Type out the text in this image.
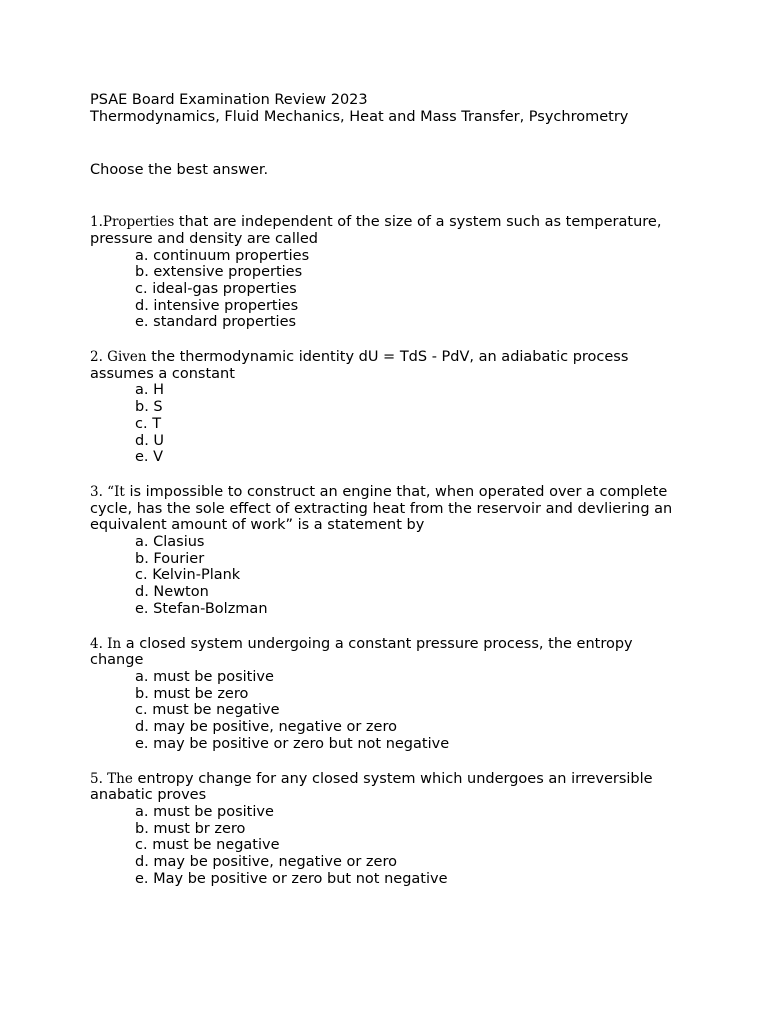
PSAE Board Examination Review 2023
Thermodynamics, Fluid Mechanics, Heat and Mass Transfer, Psychrometry
Choose the best answer.
1.Properties that are independent of the size of a system such as temperature, pressure and density are called
a. continuum properties
b. extensive properties
c. ideal-gas properties
d. intensive properties
e. standard properties
2. Given the thermodynamic identity dU = TdS - PdV, an adiabatic process assumes a constant
a. H
b. S
c. T
d. U
e. V
3. “It is impossible to construct an engine that, when operated over a complete cycle, has the sole effect of extracting heat from the reservoir and devliering an equivalent amount of work” is a statement by
a. Clasius
b. Fourier
c. Kelvin-Plank
d. Newton
e. Stefan-Bolzman
4. In a closed system undergoing a constant pressure process, the entropy change
a. must be positive
b. must be zero
c. must be negative
d. may be positive, negative or zero
e. may be positive or zero but not negative
5. The entropy change for any closed system which undergoes an irreversible anabatic proves
a. must be positive
b. must br zero
c. must be negative
d. may be positive, negative or zero
e. May be positive or zero but not negative
